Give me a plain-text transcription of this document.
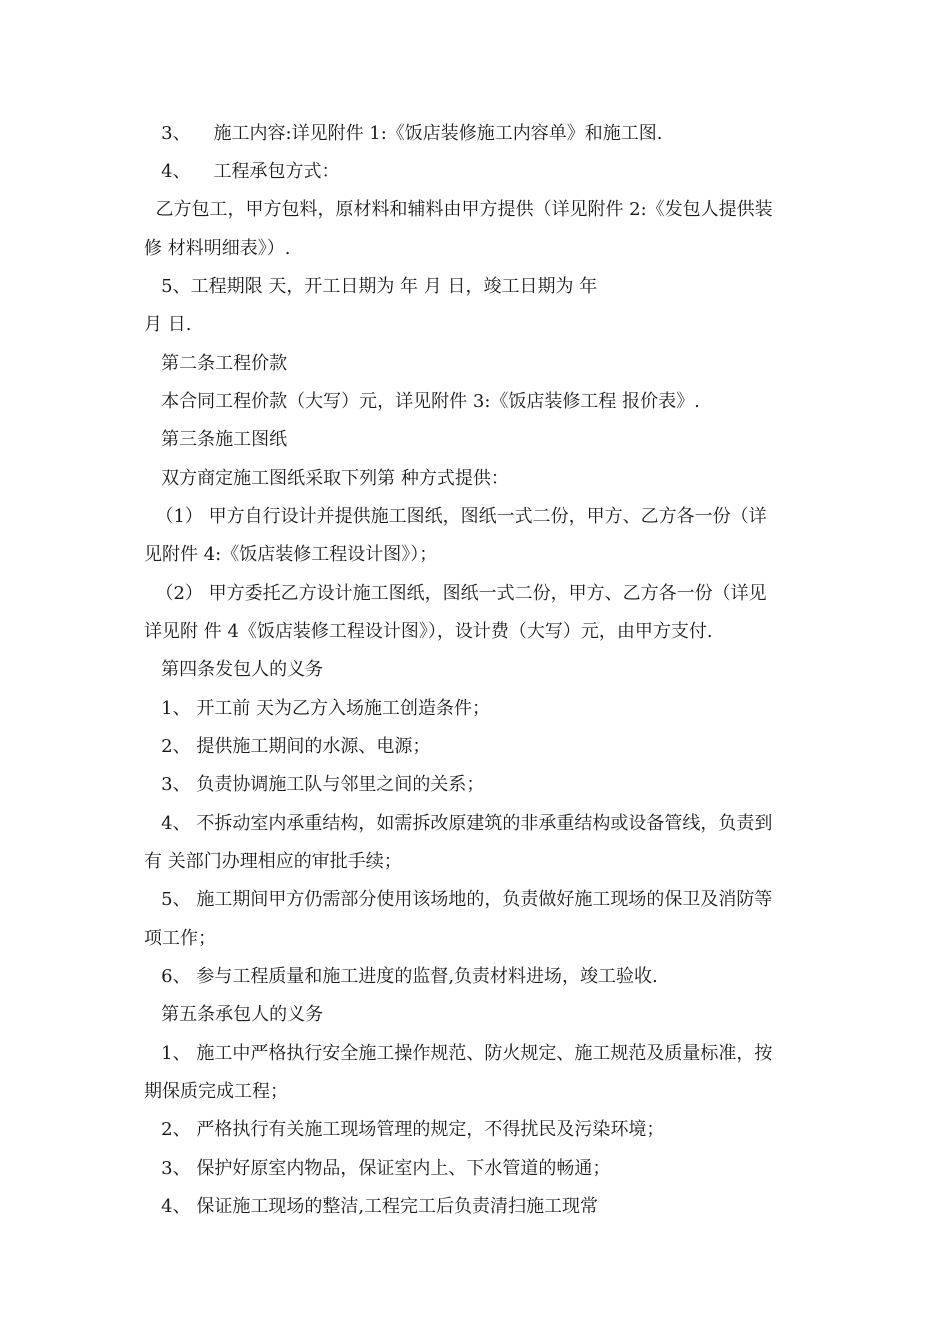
3、    施工内容:详见附件 1:《饭店装修施工内容单》和施工图.
4、    工程承包方式：
乙方包工，甲方包料，原材料和辅料由甲方提供（详见附件 2:《发包人提供装
修 材料明细表》）.
5、工程期限 天，开工日期为 年 月 日，竣工日期为 年
月 日.
第二条工程价款
本合同工程价款（大写）元，详见附件 3:《饭店装修工程 报价表》.
第三条施工图纸
双方商定施工图纸采取下列第 种方式提供：
（1） 甲方自行设计并提供施工图纸，图纸一式二份，甲方、乙方各一份（详
见附件 4:《饭店装修工程设计图》）；
（2） 甲方委托乙方设计施工图纸，图纸一式二份，甲方、乙方各一份（详见
详见附 件 4《饭店装修工程设计图》），设计费（大写）元，由甲方支付.
第四条发包人的义务
1、 开工前 天为乙方入场施工创造条件；
2、 提供施工期间的水源、电源；
3、 负责协调施工队与邻里之间的关系；
4、 不拆动室内承重结构，如需拆改原建筑的非承重结构或设备管线，负责到
有 关部门办理相应的审批手续；
5、 施工期间甲方仍需部分使用该场地的，负责做好施工现场的保卫及消防等
项工作；
6、 参与工程质量和施工进度的监督,负责材料进场，竣工验收.
第五条承包人的义务
1、 施工中严格执行安全施工操作规范、防火规定、施工规范及质量标准，按
期保质完成工程；
2、 严格执行有关施工现场管理的规定，不得扰民及污染环境；
3、 保护好原室内物品，保证室内上、下水管道的畅通；
4、 保证施工现场的整洁,工程完工后负责清扫施工现常
